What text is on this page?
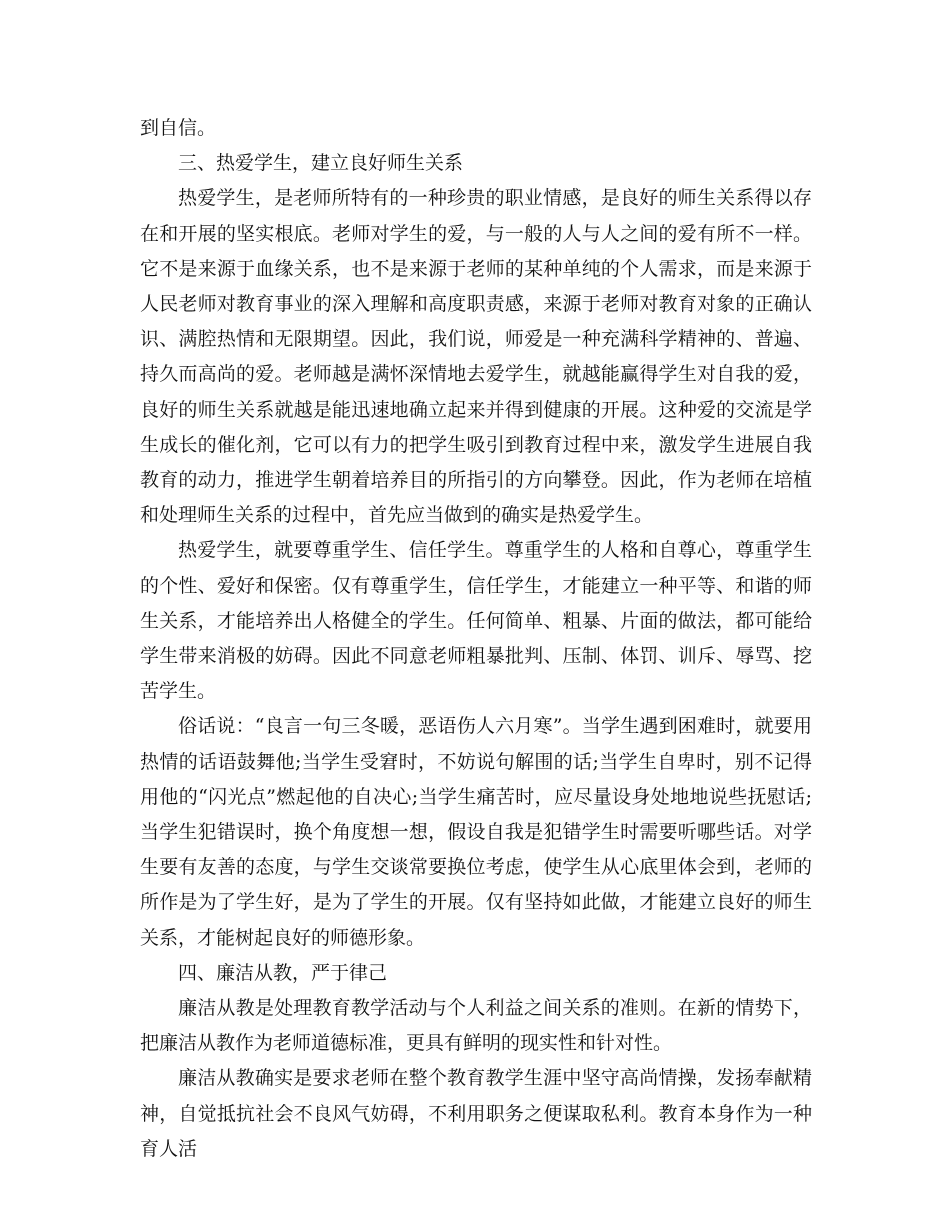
到自信。

三、热爱学生，建立良好师生关系

热爱学生，是老师所特有的一种珍贵的职业情感，是良好的师生关系得以存在和开展的坚实根底。老师对学生的爱，与一般的人与人之间的爱有所不一样。它不是来源于血缘关系，也不是来源于老师的某种单纯的个人需求，而是来源于人民老师对教育事业的深入理解和高度职责感，来源于老师对教育对象的正确认识、满腔热情和无限期望。因此，我们说，师爱是一种充满科学精神的、普遍、持久而高尚的爱。老师越是满怀深情地去爱学生，就越能赢得学生对自我的爱，良好的师生关系就越是能迅速地确立起来并得到健康的开展。这种爱的交流是学生成长的催化剂，它可以有力的把学生吸引到教育过程中来，激发学生进展自我教育的动力，推进学生朝着培养目的所指引的方向攀登。因此，作为老师在培植和处理师生关系的过程中，首先应当做到的确实是热爱学生。

热爱学生，就要尊重学生、信任学生。尊重学生的人格和自尊心，尊重学生的个性、爱好和保密。仅有尊重学生，信任学生，才能建立一种平等、和谐的师生关系，才能培养出人格健全的学生。任何简单、粗暴、片面的做法，都可能给学生带来消极的妨碍。因此不同意老师粗暴批判、压制、体罚、训斥、辱骂、挖苦学生。

俗话说：“良言一句三冬暖，恶语伤人六月寒”。当学生遇到困难时，就要用热情的话语鼓舞他;当学生受窘时，不妨说句解围的话;当学生自卑时，别不记得用他的“闪光点”燃起他的自决心;当学生痛苦时，应尽量设身处地地说些抚慰话;当学生犯错误时，换个角度想一想，假设自我是犯错学生时需要听哪些话。对学生要有友善的态度，与学生交谈常要换位考虑，使学生从心底里体会到，老师的所作是为了学生好，是为了学生的开展。仅有坚持如此做，才能建立良好的师生关系，才能树起良好的师德形象。

四、廉洁从教，严于律己

廉洁从教是处理教育教学活动与个人利益之间关系的准则。在新的情势下，把廉洁从教作为老师道德标准，更具有鲜明的现实性和针对性。

廉洁从教确实是要求老师在整个教育教学生涯中坚守高尚情操，发扬奉献精神，自觉抵抗社会不良风气妨碍，不利用职务之便谋取私利。教育本身作为一种育人活
